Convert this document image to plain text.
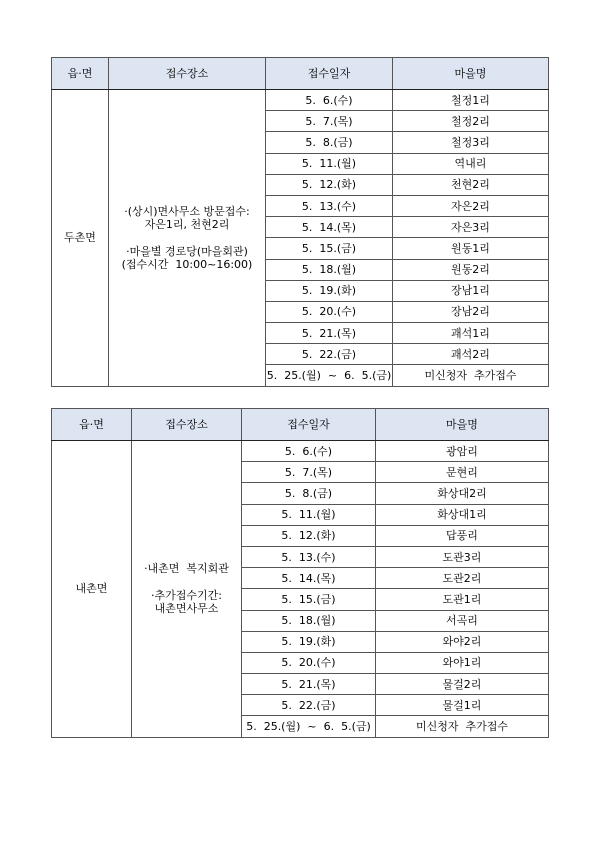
읍·면	접수장소	접수일자	마을명
두촌면	·(상시)면사무소 방문접수:
자은1리, 천현2리
·마을별 경로당(마을회관)
(접수시간  10:00~16:00)	5.  6.(수)	철정1리
		5.  7.(목)	철정2리
		5.  8.(금)	철정3리
		5.  11.(월)	역내리
		5.  12.(화)	천현2리
		5.  13.(수)	자은2리
		5.  14.(목)	자은3리
		5.  15.(금)	원동1리
		5.  18.(월)	원동2리
		5.  19.(화)	장남1리
		5.  20.(수)	장남2리
		5.  21.(목)	괘석1리
		5.  22.(금)	괘석2리
		5.  25.(월)  ~  6.  5.(금)	미신청자  추가접수
읍·면	접수장소	접수일자	마을명
내촌면	·내촌면  복지회관
·추가접수기간:
내촌면사무소	5.  6.(수)	광암리
		5.  7.(목)	문현리
		5.  8.(금)	화상대2리
		5.  11.(월)	화상대1리
		5.  12.(화)	답풍리
		5.  13.(수)	도관3리
		5.  14.(목)	도관2리
		5.  15.(금)	도관1리
		5.  18.(월)	서곡리
		5.  19.(화)	와야2리
		5.  20.(수)	와야1리
		5.  21.(목)	물걸2리
		5.  22.(금)	물걸1리
		5.  25.(월)  ~  6.  5.(금)	미신청자  추가접수
